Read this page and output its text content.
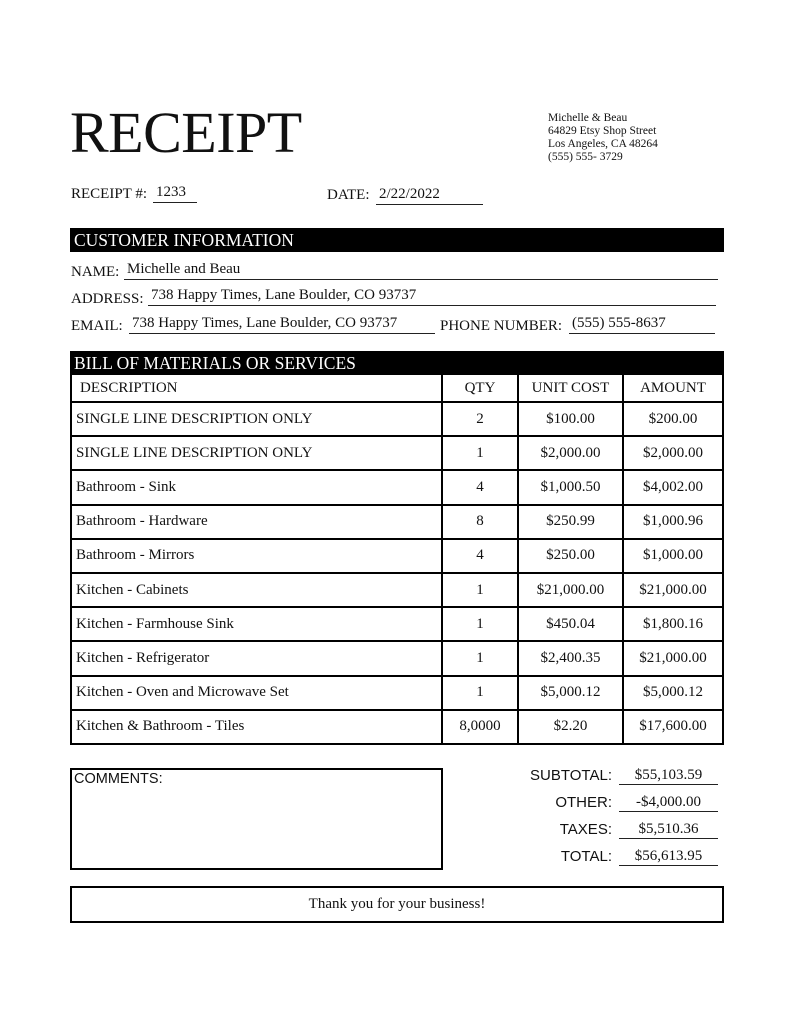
RECEIPT	Michelle & Beau
64829 Etsy Shop Street
Los Angeles, CA 48264
(555) 555- 3729
RECEIPT #: 1233	DATE: 2/22/2022
CUSTOMER INFORMATION
NAME: Michelle and Beau
ADDRESS: 738 Happy Times, Lane Boulder, CO 93737
EMAIL: 738 Happy Times, Lane Boulder, CO 93737	PHONE NUMBER: (555) 555-8637
BILL OF MATERIALS OR SERVICES
DESCRIPTION	QTY	UNIT COST	AMOUNT
SINGLE LINE DESCRIPTION ONLY	2	$100.00	$200.00
SINGLE LINE DESCRIPTION ONLY	1	$2,000.00	$2,000.00
Bathroom - Sink	4	$1,000.50	$4,002.00
Bathroom - Hardware	8	$250.99	$1,000.96
Bathroom - Mirrors	4	$250.00	$1,000.00
Kitchen - Cabinets	1	$21,000.00	$21,000.00
Kitchen - Farmhouse Sink	1	$450.04	$1,800.16
Kitchen - Refrigerator	1	$2,400.35	$21,000.00
Kitchen - Oven and Microwave Set	1	$5,000.12	$5,000.12
Kitchen & Bathroom - Tiles	8,0000	$2.20	$17,600.00
COMMENTS:	SUBTOTAL:	$55,103.59
OTHER:	-$4,000.00
TAXES:	$5,510.36
TOTAL:	$56,613.95
Thank you for your business!
